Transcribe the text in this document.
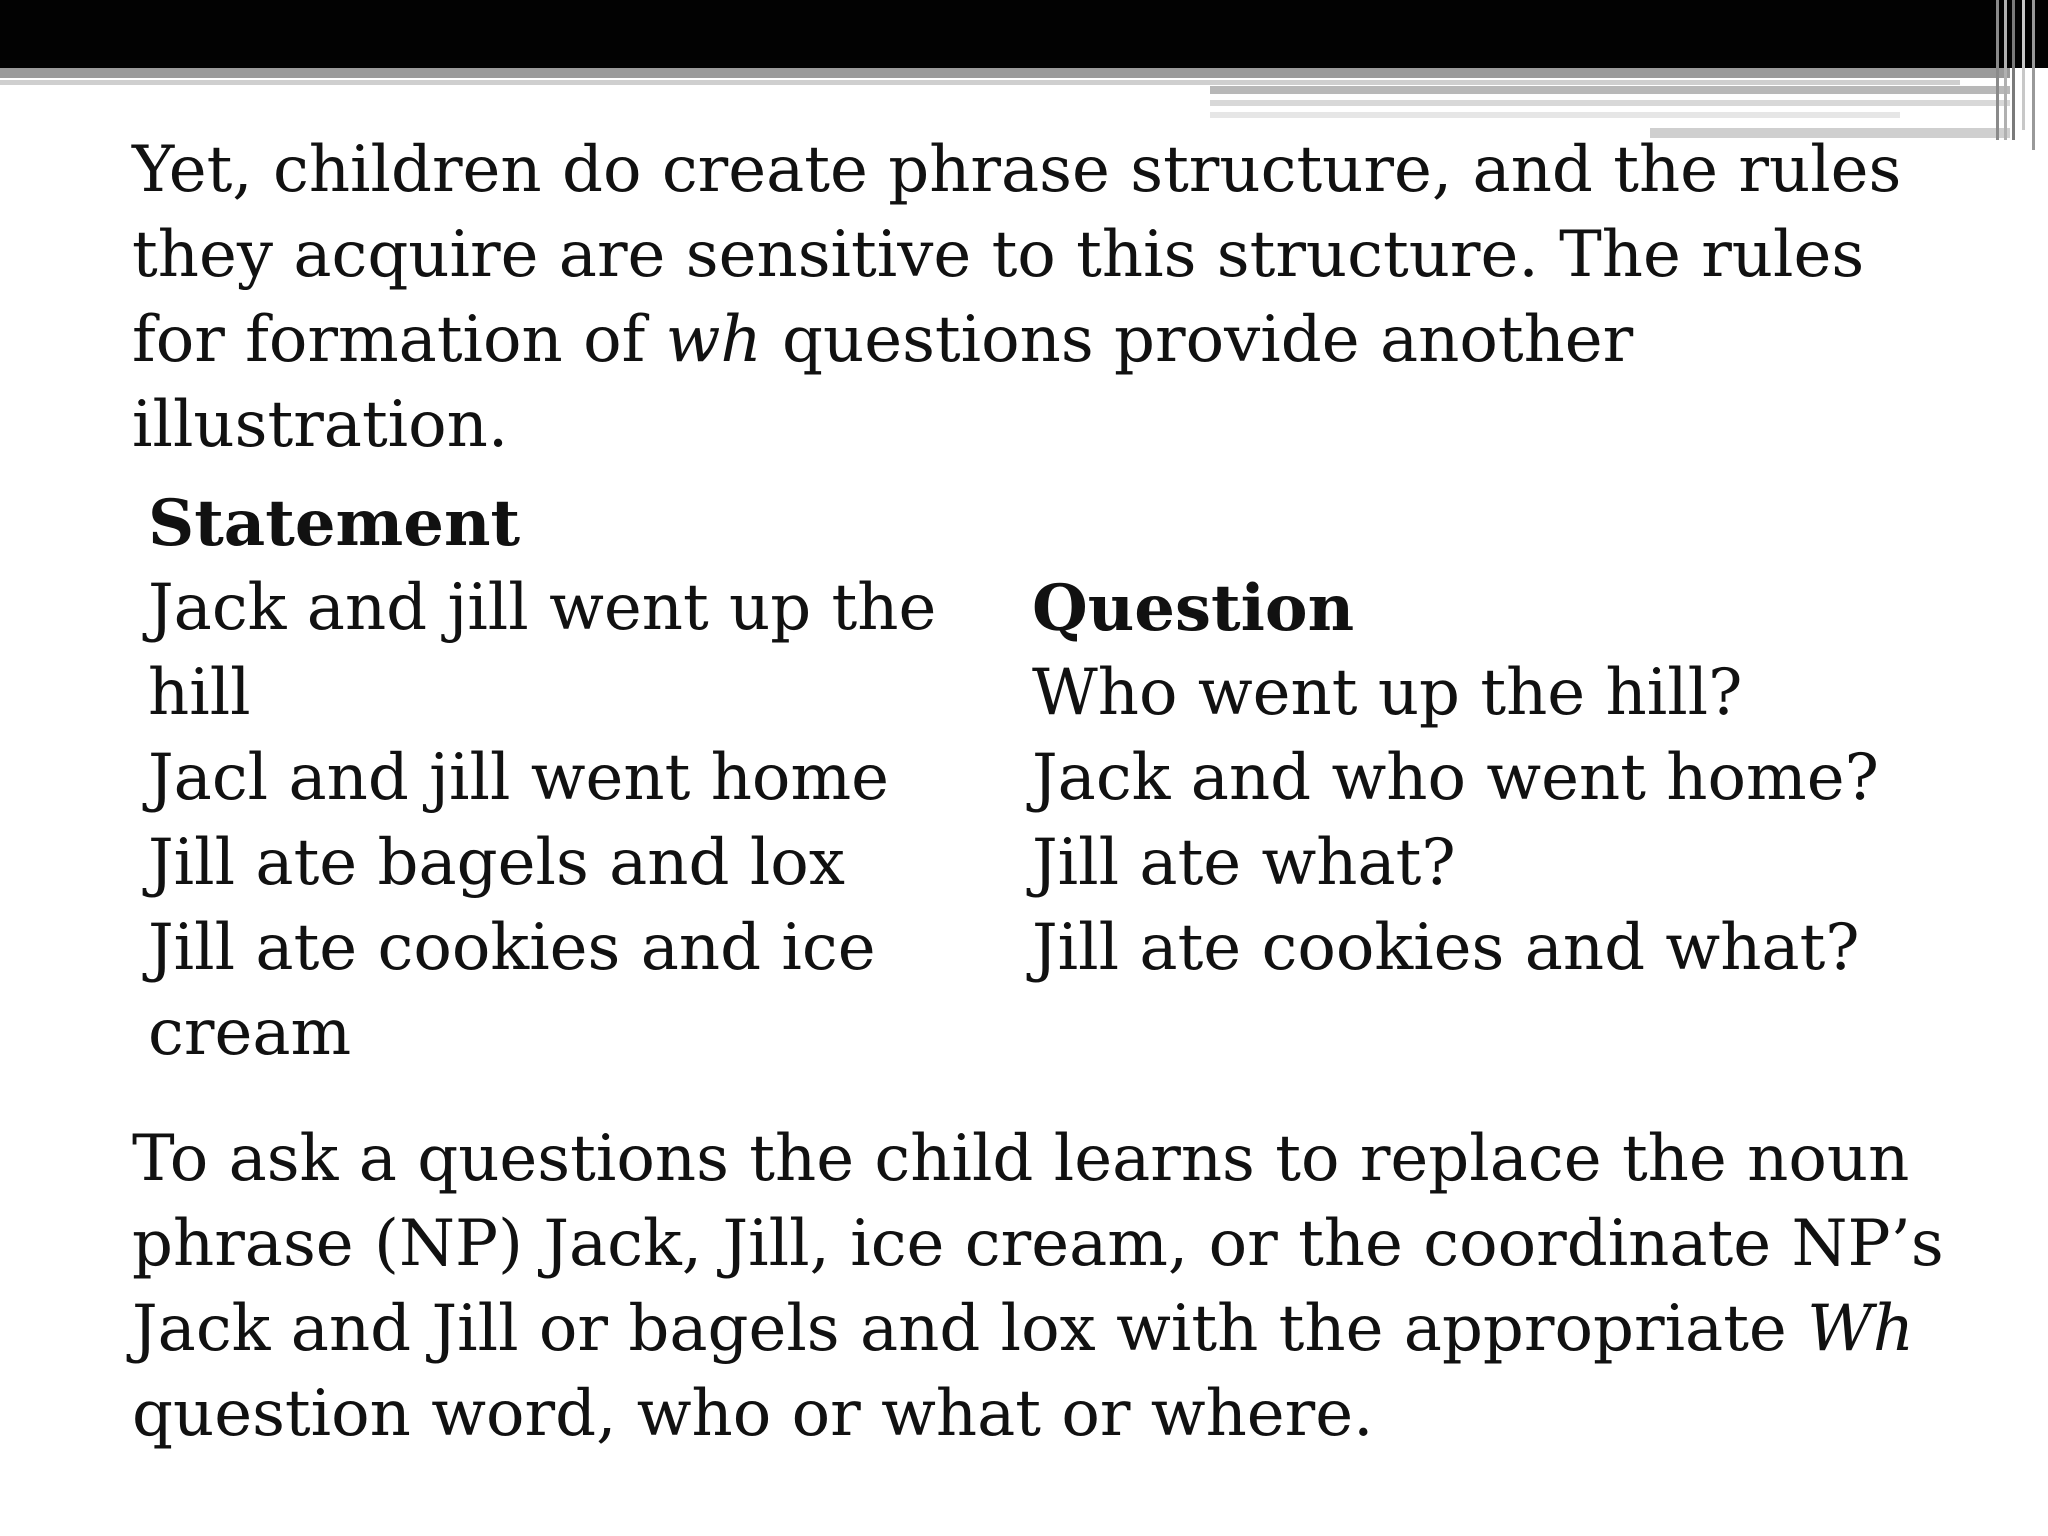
Yet, children do create phrase structure, and the rules they acquire are sensitive to this structure. The rules for formation of wh questions provide another illustration.

Statement
Jack and jill went up the hill
Jacl and jill went home
Jill ate bagels and lox
Jill ate cookies and ice cream
Question
Who went up the hill?
Jack and who went home?
Jill ate what?
Jill ate cookies and what?

To ask a questions the child learns to replace the noun phrase (NP) Jack, Jill, ice cream, or the coordinate NP’s Jack and Jill or bagels and lox with the appropriate Wh question word, who or what or where.
